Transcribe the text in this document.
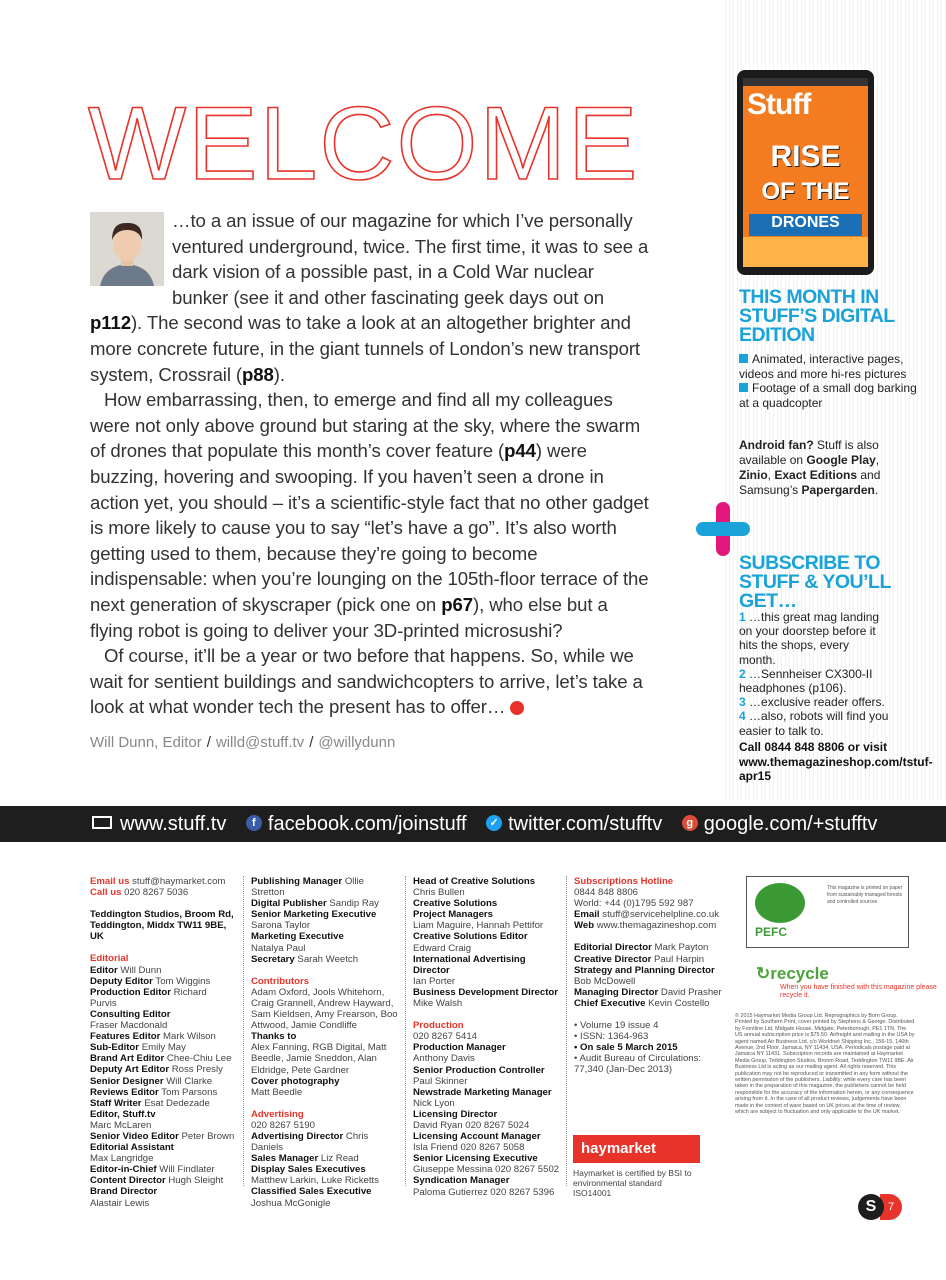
WELCOME

…to a an issue of our magazine for which I’ve personally ventured underground, twice. The first time, it was to see a dark vision of a possible past, in a Cold War nuclear bunker (see it and other fascinating geek days out on p112). The second was to take a look at an altogether brighter and more concrete future, in the giant tunnels of London’s new transport system, Crossrail (p88).

How embarrassing, then, to emerge and find all my colleagues were not only above ground but staring at the sky, where the swarm of drones that populate this month’s cover feature (p44) were buzzing, hovering and swooping. If you haven’t seen a drone in action yet, you should – it’s a scientific-style fact that no other gadget is more likely to cause you to say “let’s have a go”. It’s also worth getting used to them, because they’re going to become indispensable: when you’re lounging on the 105th-floor terrace of the next generation of skyscraper (pick one on p67), who else but a flying robot is going to deliver your 3D-printed microsushi?

Of course, it’ll be a year or two before that happens. So, while we wait for sentient buildings and sandwichcopters to arrive, let’s take a look at what wonder tech the present has to offer… S

Will Dunn, Editor / willd@stuff.tv / @willydunn
Stuff
RISE
OF THE
DRONES
THIS MONTH IN STUFF’S DIGITAL EDITION
Animated, interactive pages, videos and more hi-res pictures
Footage of a small dog barking at a quadcopter
Android fan? Stuff is also available on Google Play, Zinio, Exact Editions and Samsung’s Papergarden.
SUBSCRIBE TO STUFF & YOU’LL GET…
1 …this great mag landing on your doorstep before it hits the shops, every month.
2 …Sennheiser CX300-II headphones (p106).
3 …exclusive reader offers.
4 …also, robots will find you easier to talk to.
Call 0844 848 8806 or visit www.themagazineshop.com/tstuf-apr15
www.stuff.tv f facebook.com/joinstuff ✓ twitter.com/stufftv g google.com/+stufftv
Email us stuff@haymarket.com
Call us 020 8267 5036
Teddington Studios, Broom Rd, Teddington, Middx TW11 9BE, UK
Editorial
Editor Will Dunn
Deputy Editor Tom Wiggins
Production Editor Richard Purvis
Consulting Editor
Fraser Macdonald
Features Editor Mark Wilson
Sub-Editor Emily May
Brand Art Editor Chee-Chiu Lee
Deputy Art Editor Ross Presly
Senior Designer Will Clarke
Reviews Editor Tom Parsons
Staff Writer Esat Dedezade
Editor, Stuff.tv
Marc McLaren
Senior Video Editor Peter Brown
Editorial Assistant
Max Langridge
Editor-in-Chief Will Findlater
Content Director Hugh Sleight
Brand Director
Alastair Lewis
Publishing Manager Ollie Stretton
Digital Publisher Sandip Ray
Senior Marketing Executive
Sarona Taylor
Marketing Executive
Natalya Paul
Secretary Sarah Weetch
Contributors
Adam Oxford, Jools Whitehorn, Craig Grannell, Andrew Hayward, Sam Kieldsen, Amy Frearson, Boo Attwood, Jamie Condliffe
Thanks to
Alex Fanning, RGB Digital, Matt Beedle, Jamie Sneddon, Alan Eldridge, Pete Gardner
Cover photography
Matt Beedle
Advertising
020 8267 5190
Advertising Director Chris Daniels
Sales Manager Liz Read
Display Sales Executives
Matthew Larkin, Luke Ricketts
Classified Sales Executive
Joshua McGonigle
Head of Creative Solutions
Chris Bullen
Creative Solutions
Project Managers
Liam Maguire, Hannah Pettifor
Creative Solutions Editor
Edward Craig
International Advertising Director
Ian Porter
Business Development Director
Mike Walsh
Production
020 8267 5414
Production Manager
Anthony Davis
Senior Production Controller
Paul Skinner
Newstrade Marketing Manager
Nick Lyon
Licensing Director
David Ryan 020 8267 5024
Licensing Account Manager
Isla Friend 020 8267 5058
Senior Licensing Executive
Giuseppe Messina 020 8267 5502
Syndication Manager
Paloma Gutierrez 020 8267 5396
Subscriptions Hotline
0844 848 8806
World: +44 (0)1795 592 987
Email stuff@servicehelpline.co.uk
Web www.themagazineshop.com
Editorial Director Mark Payton
Creative Director Paul Harpin
Strategy and Planning Director
Bob McDowell
Managing Director David Prasher
Chief Executive Kevin Costello
• Volume 19 issue 4
• ISSN: 1364-963
• On sale 5 March 2015
• Audit Bureau of Circulations:
77,340 (Jan-Dec 2013)
haymarket
Haymarket is certified by BSI to environmental standard ISO14001
PEFC
This magazine is printed on paper from sustainably managed forests and controlled sources
↻recycle
When you have finished with this magazine please recycle it.
© 2015 Haymarket Media Group Ltd. Reprographics by Born Group. Printed by Southern Print, cover printed by Stephens & George. Distributed by Frontline Ltd, Midgate House, Midgate, Peterborough, PE1 1TN. The US annual subscription price is $75.50. Airfreight and mailing in the USA by agent named Air Business Ltd, c/o Worldnet Shipping Inc., 156-15, 146th Avenue, 2nd Floor, Jamaica, NY 11434, USA. Periodicals postage paid at Jamaica NY 11431. Subscription records are maintained at Haymarket Media Group, Teddington Studios, Broom Road, Teddington TW11 9BE. Air Business Ltd is acting as our mailing agent. All rights reserved. This publication may not be reproduced or transmitted in any form without the written permission of the publishers. Liability: while every care has been taken in the preparation of this magazine, the publishers cannot be held responsible for the accuracy of the information herein, or any consequence arising from it. In the case of all product reviews, judgements have been made in the context of ware based on UK prices at the time of review, which are subject to fluctuation and only applicable to the UK market.
7
S
